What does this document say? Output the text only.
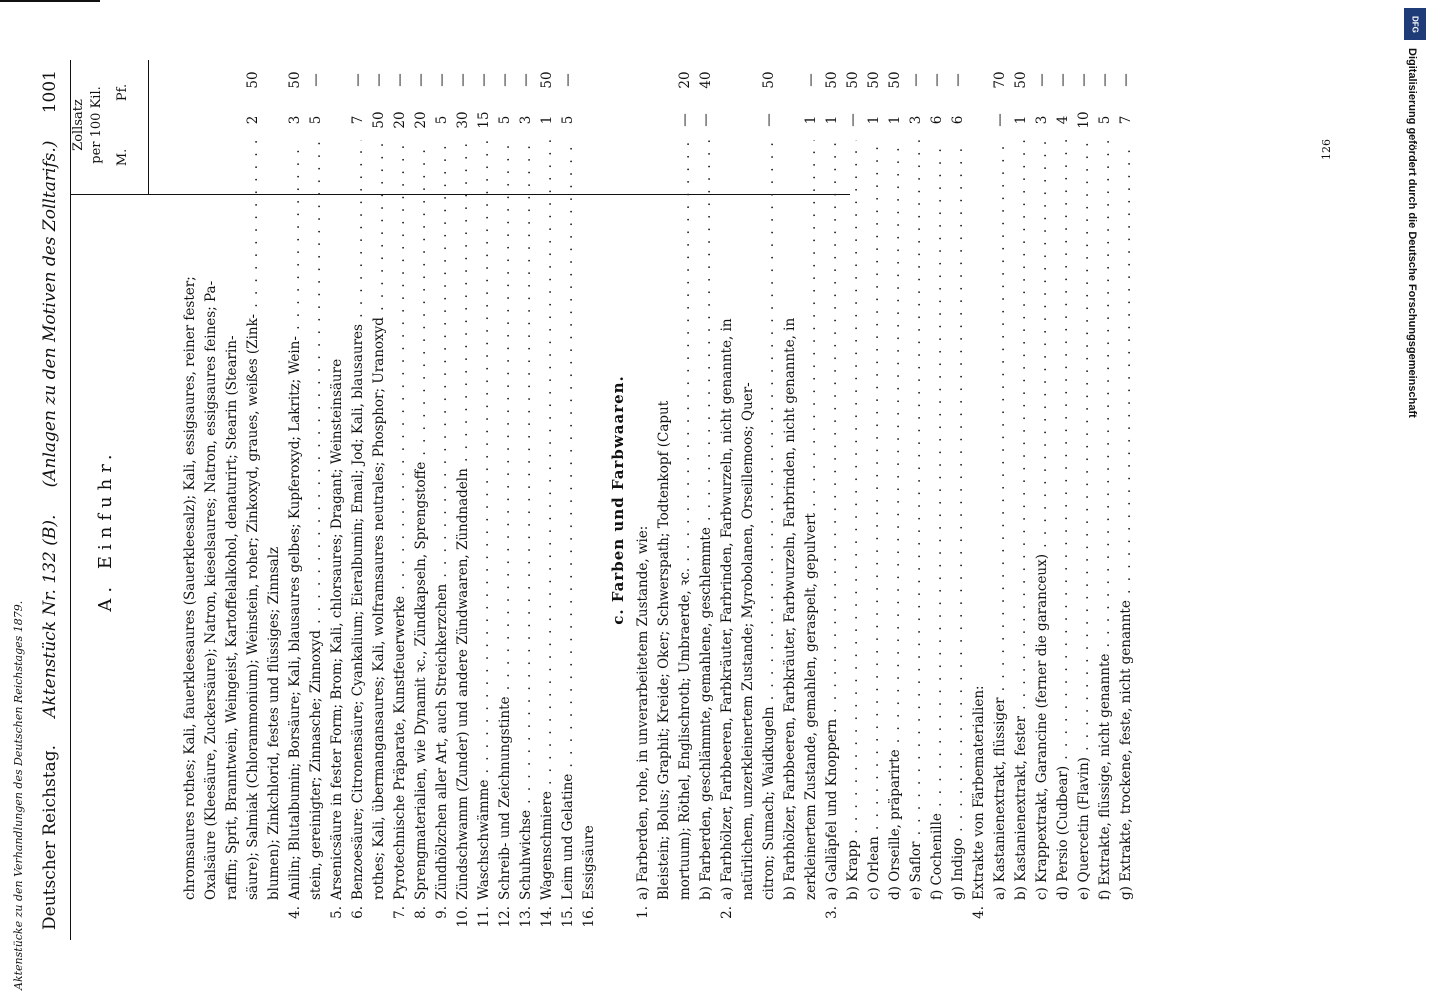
DFG
Digitalisierung gefördert durch die Deutsche Forschungsgemeinschaft
Deutscher Reichstag.
Aktenstück Nr. 132 (B).
(Anlagen zu den Motiven des Zolltarifs.)
1001
A. Einfuhr.
Zollsatz per 100 Kil. M.
Pf.
chromsaures rothes; Kali, fauerkleesaures (Sauerkleesalz); Kali, essigsaures, reiner fester; Oxalsäure (Kleesäure, Zuckersäure); Natron, kieselsaures; Natron, essigsaures feines; Pa- raffin; Sprit, Branntwein, Weingeist, Kartoffelalkohol, denaturirt; Stearin (Stearin- säure); Salmiak (Chlorammonium); Weinstein, roher; Zinkoxyd, graues, weißes (Zink- . . .
2
50
blumen); Zinkchlorid, festes und flüssiges; Zinnsalz
4.
Anilin; Blutalbumin; Borsäure; Kali, blausaures gelbes; Kupferoxyd; Lakritz; Wein- . . .
3
50
stein, gereinigter; Zinnasche; Zinnoxyd . . .
5
—
5.
Arsenicsäure in fester Form; Brom; Kali, chlorsaures; Dragant; Weinsteinsäure
6.
Benzoesäure; Citronensäure; Cyankalium; Eieralbumin; Email; Jod; Kali, blausaures . . .
7
—
rothes; Kali, übermangansaures; Kali, wolframsaures neutrales; Phosphor; Uranoxyd . . .
50
—
7.
Pyrotechnische Präparate, Kunstfeuerwerke . . .
20
—
8.
Sprengmaterialien, wie Dynamit ꝛc., Zündkapseln, Sprengstoffe . . .
20
—
9.
Zündhölzchen aller Art, auch Streichkerzchen . . .
5
—
10.
Zündschwamm (Zunder) und andere Zündwaaren, Zündnadeln . . .
30
—
11.
Waschschwämme . . .
15
—
12.
Schreib- und Zeichnungstinte . . .
5
—
13.
Schuhwichse . . .
3
—
14.
Wagenschmiere . . .
1
50
15.
Leim und Gelatine . . .
5
—
16.
Essigsäure
c. Farben und Farbwaaren.
1.
a) Farberden, rohe, in unverarbeitetem Zustande, wie: Bleistein; Bolus; Graphit; Kreide; Oker; Schwerspath; Todtenkopf (Caput mortuum); Röthel, Englischroth; Umbraerde, ꝛc. . . .
—
20
b) Farberden, geschlämmte, gemahlene, geschlemmte . . .
—
40
2.
a) Farbhölzer, Farbbeeren, Farbkräuter, Farbrinden, Farbwurzeln, nicht genannte, in natürlichem, unzerkleinertem Zustande; Myrobolanen, Orseillemoos; Quer- citron; Sumach; Waidkugeln . . .
—
50
b) Farbhölzer, Farbbeeren, Farbkräuter, Farbwurzeln, Farbrinden, nicht genannte, in zerkleinertem Zustande, gemahlen, geraspelt, gepulvert . . .
1
—
3.
a) Galläpfel und Knoppern . . .
1
50
b) Krapp . . .
—
50
c) Orlean . . .
1
50
d) Orseille, präparirte . . .
1
50
e) Saflor . . .
3
—
f) Cochenille . . .
6
—
g) Indigo . . .
6
—
4.
Extrakte von Färbematerialien: a) Kastanienextrakt, flüssiger . . .
—
70
b) Kastanienextrakt, fester . . .
1
50
c) Krappextrakt, Garancine (ferner die garanceux) . . .
3
—
d) Persio (Cudbear) . . .
4
—
e) Quercetin (Flavin) . . .
10
—
f) Extrakte, flüssige, nicht genannte . . .
5
—
g) Extrakte, trockene, feste, nicht genannte . . .
7
—
Aktenstücke zu den Verhandlungen des Deutschen Reichstages 1879.
126
